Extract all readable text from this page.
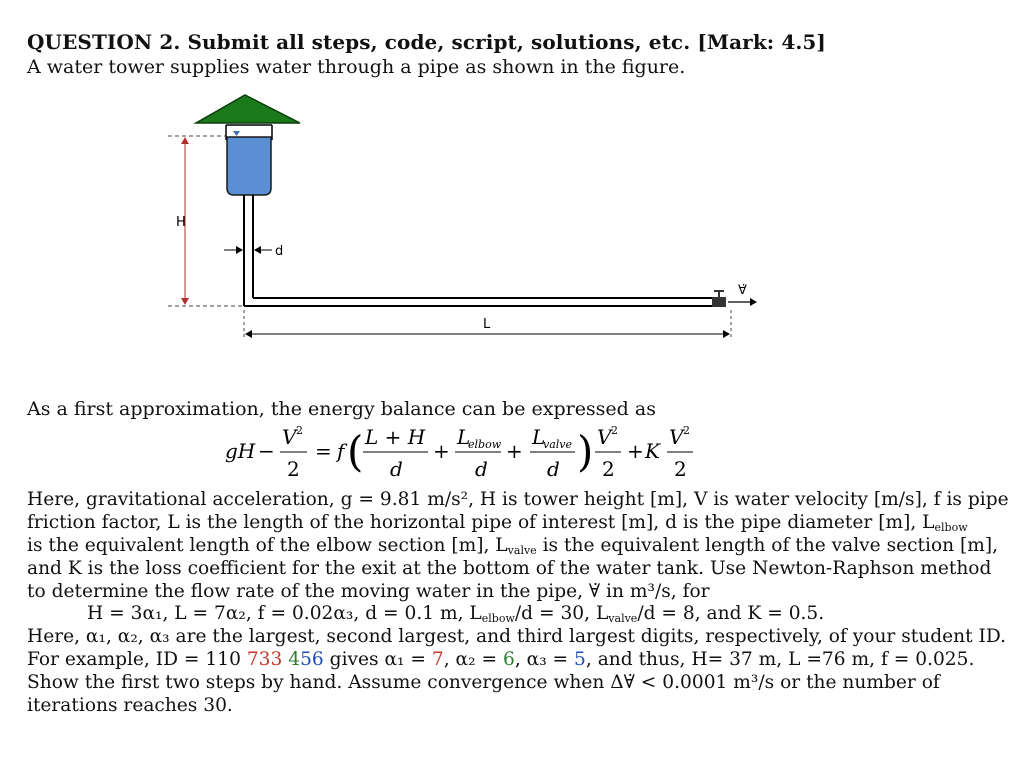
QUESTION 2. Submit all steps, code, script, solutions, etc. [Mark: 4.5]
A water tower supplies water through a pipe as shown in the figure.
∀̇
H
d
L
As a first approximation, the energy balance can be expressed as
gH −
V 2
2
= f ( L + H
d
+
L
elbow
d
+
L
valve
d ) V 2
2
+ K
V 2
2

Here, gravitational acceleration, g = 9.81 m/s², H is tower height [m], V is water velocity [m/s], f is pipe

friction factor, L is the length of the horizontal pipe of interest [m], d is the pipe diameter [m], $L_{elbow}$

is the equivalent length of the elbow section [m], $L_{valve}$ is the equivalent length of the valve section [m],

and K is the loss coefficient for the exit at the bottom of the water tank. Use Newton-Raphson method

to determine the flow rate of the moving water in the pipe, ∀̇ in m³/s, for

H = 3α₁, L = 7α₂, f = 0.02α₃, d = 0.1 m, $L_{elbow}/d = 30$, $L_{valve}/d = 8$, and K = 0.5.

Here, α₁, α₂, α₃ are the largest, second largest, and third largest digits, respectively, of your student ID.

For example, ID = 110 733 456 gives α₁ = 7, α₂ = 6, α₃ = 5, and thus, H= 37 m, L =76 m, f = 0.025.

Show the first two steps by hand. Assume convergence when Δ∀̇ < 0.0001 m³/s or the number of

iterations reaches 30.
